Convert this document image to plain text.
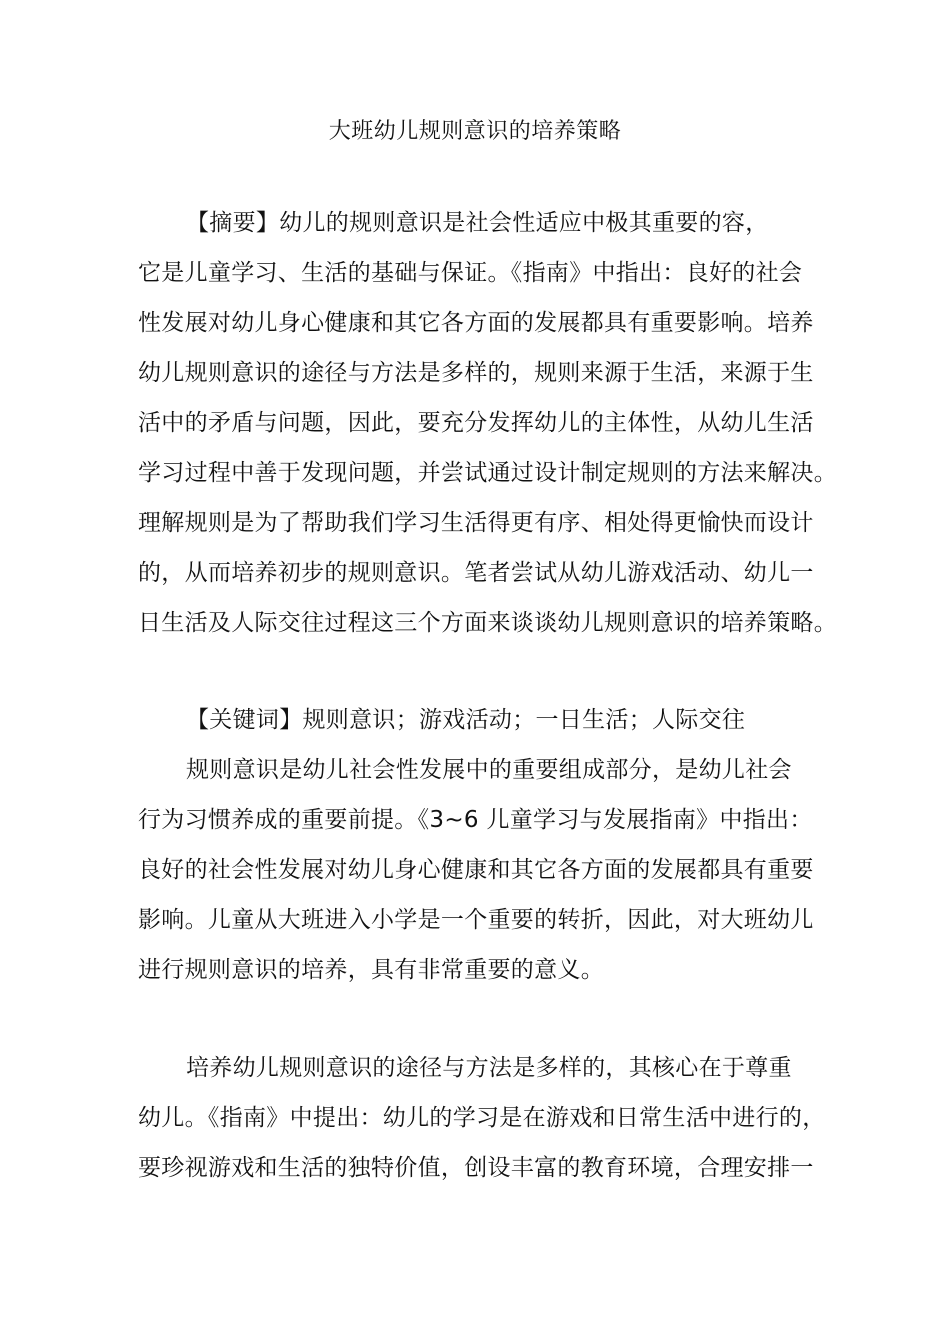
大班幼儿规则意识的培养策略
【摘要】幼儿的规则意识是社会性适应中极其重要的容，
它是儿童学习、生活的基础与保证。《指南》中指出：良好的社会
性发展对幼儿身心健康和其它各方面的发展都具有重要影响。培养
幼儿规则意识的途径与方法是多样的，规则来源于生活，来源于生
活中的矛盾与问题，因此，要充分发挥幼儿的主体性，从幼儿生活
学习过程中善于发现问题，并尝试通过设计制定规则的方法来解决。
理解规则是为了帮助我们学习生活得更有序、相处得更愉快而设计
的，从而培养初步的规则意识。笔者尝试从幼儿游戏活动、幼儿一
日生活及人际交往过程这三个方面来谈谈幼儿规则意识的培养策略。
【关键词】规则意识；游戏活动；一日生活；人际交往
规则意识是幼儿社会性发展中的重要组成部分，是幼儿社会
行为习惯养成的重要前提。《3~6 儿童学习与发展指南》中指出：
良好的社会性发展对幼儿身心健康和其它各方面的发展都具有重要
影响。儿童从大班进入小学是一个重要的转折，因此，对大班幼儿
进行规则意识的培养，具有非常重要的意义。
培养幼儿规则意识的途径与方法是多样的，其核心在于尊重
幼儿。《指南》中提出：幼儿的学习是在游戏和日常生活中进行的，
要珍视游戏和生活的独特价值，创设丰富的教育环境，合理安排一
